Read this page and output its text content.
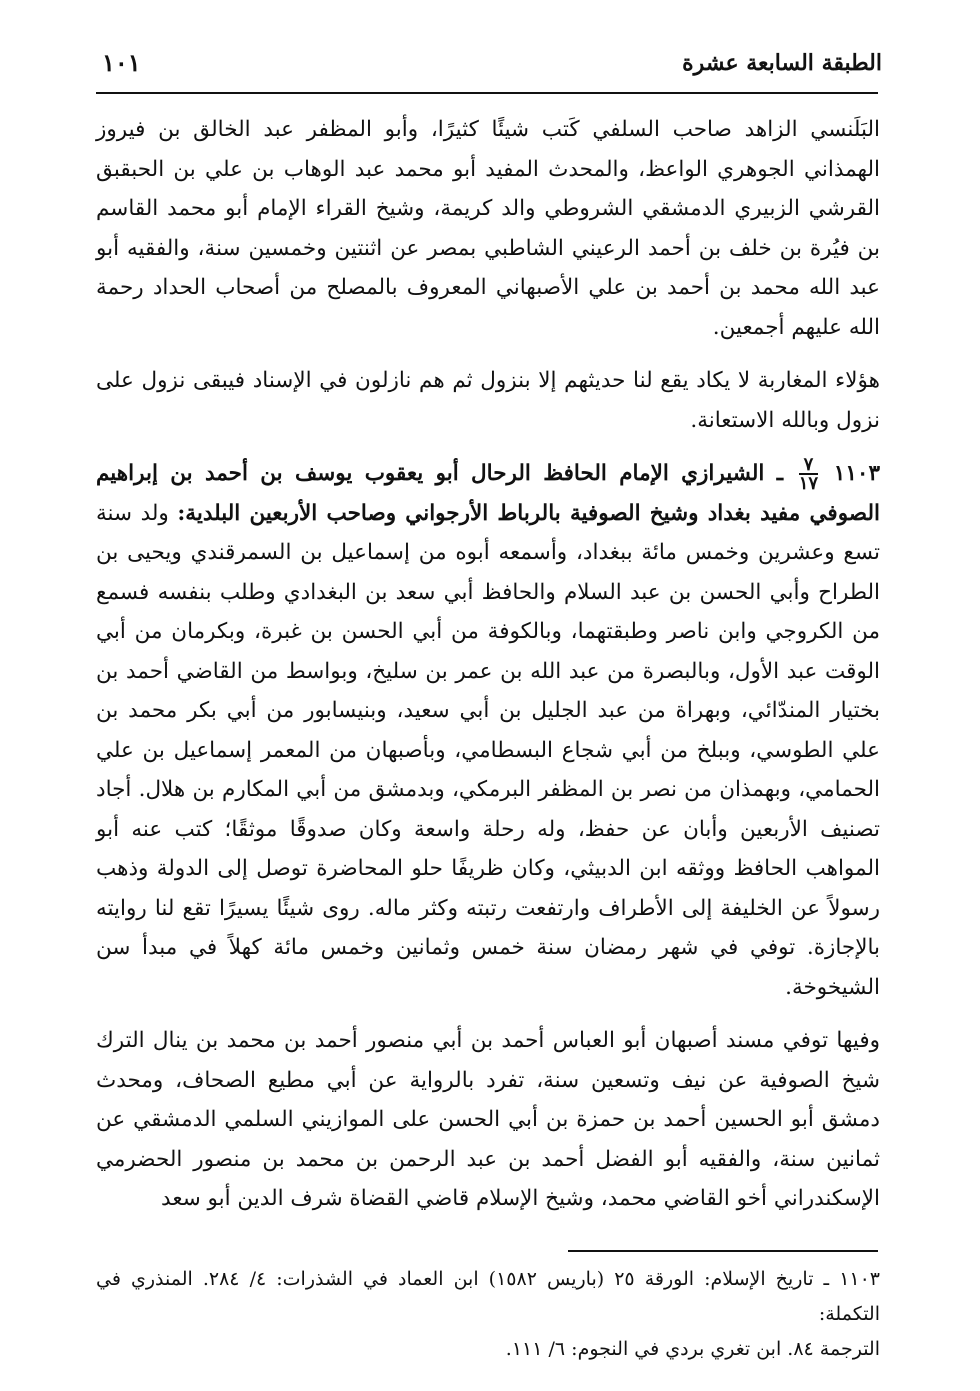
الطبقة السابعة عشرة
١٠١

البَلَنسي الزاهد صاحب السلفي كَتب شيئًا كثيرًا، وأبو المظفر عبد الخالق بن فيروز الهمذاني الجوهري الواعظ، والمحدث المفيد أبو محمد عبد الوهاب بن علي بن الحبقبق القرشي الزبيري الدمشقي الشروطي والد كريمة، وشيخ القراء الإمام أبو محمد القاسم بن فيُرة بن خلف بن أحمد الرعيني الشاطبي بمصر عن اثنتين وخمسين سنة، والفقيه أبو عبد الله محمد بن أحمد بن علي الأصبهاني المعروف بالمصلح من أصحاب الحداد رحمة الله عليهم أجمعين.

هؤلاء المغاربة لا يكاد يقع لنا حديثهم إلا بنزول ثم هم نازلون في الإسناد فيبقى نزول على نزول وبالله الاستعانة.

١١٠٣
$\frac{٧}{١٧}$
ـ الشيرازي الإمام الحافظ الرحال أبو يعقوب يوسف بن أحمد بن إبراهيم الصوفي مفيد بغداد وشيخ الصوفية بالرباط الأرجواني وصاحب الأربعين البلدية: ولد سنة تسع وعشرين وخمس مائة ببغداد، وأسمعه أبوه من إسماعيل بن السمرقندي ويحيى بن الطراح وأبي الحسن بن عبد السلام والحافظ أبي سعد بن البغدادي وطلب بنفسه فسمع من الكروجي وابن ناصر وطبقتهما، وبالكوفة من أبي الحسن بن غبرة، وبكرمان من أبي الوقت عبد الأول، وبالبصرة من عبد الله بن عمر بن سليخ، وبواسط من القاضي أحمد بن بختيار المندّائي، وبهراة من عبد الجليل بن أبي سعيد، وبنيسابور من أبي بكر محمد بن علي الطوسي، وببلخ من أبي شجاع البسطامي، وبأصبهان من المعمر إسماعيل بن علي الحمامي، وبهمذان من نصر بن المظفر البرمكي، وبدمشق من أبي المكارم بن هلال. أجاد تصنيف الأربعين وأبان عن حفظ، وله رحلة واسعة وكان صدوقًا موثقًا؛ كتب عنه أبو المواهب الحافظ ووثقه ابن الدبيثي، وكان ظريفًا حلو المحاضرة توصل إلى الدولة وذهب رسولاً عن الخليفة إلى الأطراف وارتفعت رتبته وكثر ماله. روى شيئًا يسيرًا تقع لنا روايته بالإجازة. توفي في شهر رمضان سنة خمس وثمانين وخمس مائة كهلاً في مبدأ سن الشيخوخة.

وفيها توفي مسند أصبهان أبو العباس أحمد بن أبي منصور أحمد بن محمد بن ينال الترك شيخ الصوفية عن نيف وتسعين سنة، تفرد بالرواية عن أبي مطيع الصحاف، ومحدث دمشق أبو الحسين أحمد بن حمزة بن أبي الحسن على الموازيني السلمي الدمشقي عن ثمانين سنة، والفقيه أبو الفضل أحمد بن عبد الرحمن بن محمد بن منصور الحضرمي الإسكندراني أخو القاضي محمد، وشيخ الإسلام قاضي القضاة شرف الدين أبو سعد

١١٠٣ ـ تاريخ الإسلام: الورقة ٢٥ (باريس ١٥٨٢) ابن العماد في الشذرات: ٤/ ٢٨٤. المنذري في التكملة:

الترجمة ٨٤. ابن تغري بردي في النجوم: ٦/ ١١١.
